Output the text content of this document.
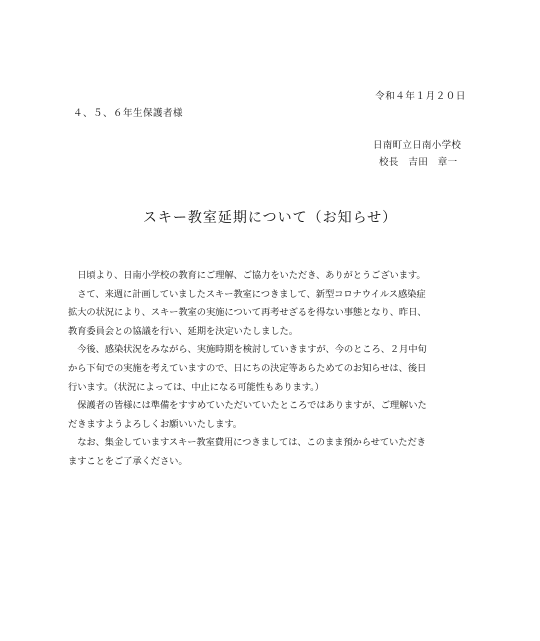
令和４年１月２０日
４、５、６年生保護者様
日南町立日南小学校
校長　吉田　章一
スキー教室延期について（お知らせ）
　日頃より、日南小学校の教育にご理解、ご協力をいただき、ありがとうございます。
　さて、来週に計画していましたスキー教室につきまして、新型コロナウイルス感染症
拡大の状況により、スキー教室の実施について再考せざるを得ない事態となり、昨日、
教育委員会との協議を行い、延期を決定いたしました。
　今後、感染状況をみながら、実施時期を検討していきますが、今のところ、２月中旬
から下旬での実施を考えていますので、日にちの決定等あらためてのお知らせは、後日
行います。（状況によっては、中止になる可能性もあります。）
　保護者の皆様には準備をすすめていただいていたところではありますが、ご理解いた
だきますようよろしくお願いいたします。
　なお、集金していますスキー教室費用につきましては、このまま預からせていただき
ますことをご了承ください。
